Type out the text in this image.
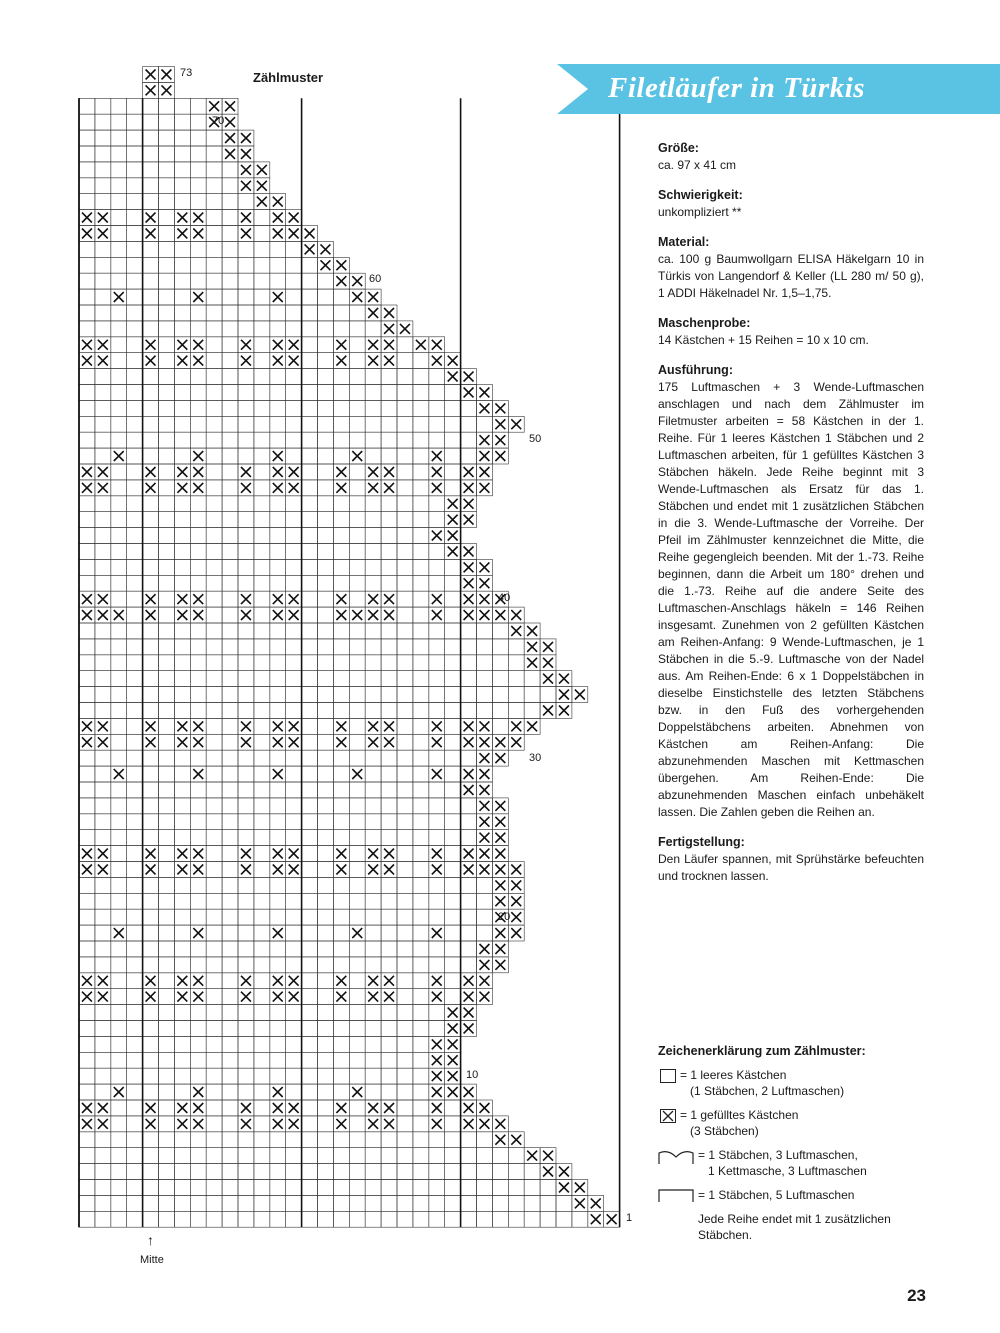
Zählmuster
73
70
60
50
40
30
20
10
1
↑
Mitte
Filetläufer in Türkis
Größe:

ca. 97 x 41 cm

Schwierigkeit:

unkompliziert **

Material:

ca. 100 g Baumwollgarn ELISA Häkelgarn 10 in Türkis von Langendorf & Keller (LL 280 m/ 50 g), 1 ADDI Häkelnadel Nr. 1,5–1,75.

Maschenprobe:

14 Kästchen + 15 Reihen = 10 x 10 cm.

Ausführung:

175 Luftmaschen + 3 Wende-Luftmaschen anschlagen und nach dem Zählmuster im Filetmuster arbeiten = 58 Kästchen in der 1. Reihe. Für 1 leeres Kästchen 1 Stäbchen und 2 Luftmaschen arbeiten, für 1 gefülltes Kästchen 3 Stäbchen häkeln. Jede Reihe beginnt mit 3 Wende-Luftmaschen als Ersatz für das 1. Stäbchen und endet mit 1 zusätzlichen Stäbchen in die 3. Wende-Luftmasche der Vorreihe. Der Pfeil im Zählmuster kennzeichnet die Mitte, die Reihe gegengleich beenden. Mit der 1.-73. Reihe beginnen, dann die Arbeit um 180° drehen und die 1.-73. Reihe auf die andere Seite des Luftmaschen-Anschlags häkeln = 146 Reihen insgesamt. Zunehmen von 2 gefüllten Kästchen am Reihen-Anfang: 9 Wende-Luftmaschen, je 1 Stäbchen in die 5.-9. Luftmasche von der Nadel aus. Am Reihen-Ende: 6 x 1 Doppelstäbchen in dieselbe Einstichstelle des letzten Stäbchens bzw. in den Fuß des vorhergehenden Doppelstäbchens arbeiten. Abnehmen von Kästchen am Reihen-Anfang: Die abzunehmenden Maschen mit Kettmaschen übergehen. Am Reihen-Ende: Die abzunehmenden Maschen einfach unbehäkelt lassen. Die Zahlen geben die Reihen an.

Fertigstellung:

Den Läufer spannen, mit Sprühstärke befeuchten und trocknen lassen.

Zeichenerklärung zum Zählmuster:
= 1 leeres Kästchen
(1 Stäbchen, 2 Luftmaschen)
= 1 gefülltes Kästchen
(3 Stäbchen)
= 1 Stäbchen, 3 Luftmaschen,
1 Kettmasche, 3 Luftmaschen
= 1 Stäbchen, 5 Luftmaschen
Jede Reihe endet mit 1 zusätzlichen Stäbchen.
23
